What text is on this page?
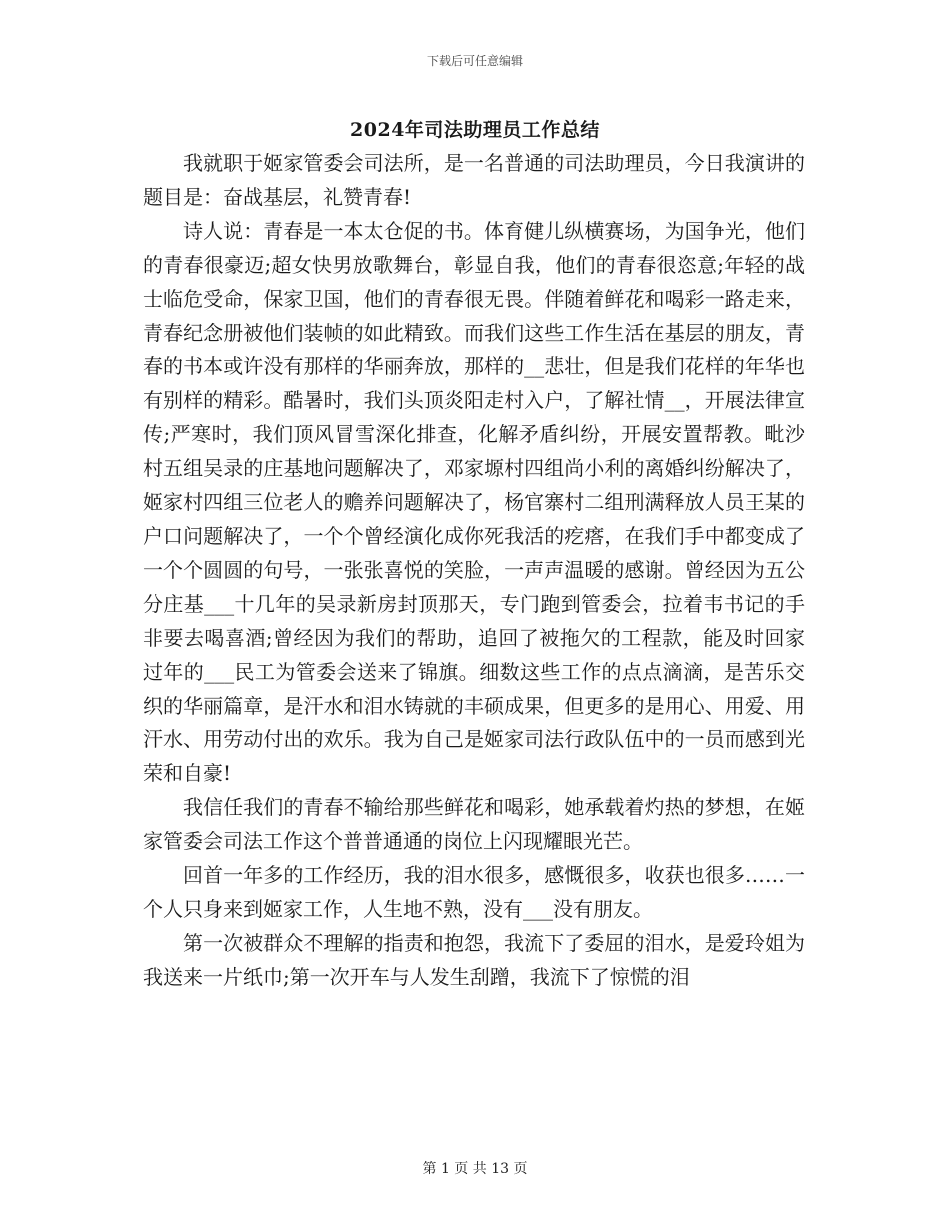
下载后可任意编辑
2024年司法助理员工作总结

我就职于姬家管委会司法所，是一名普通的司法助理员，今日我演讲的题目是：奋战基层，礼赞青春!

诗人说：青春是一本太仓促的书。体育健儿纵横赛场，为国争光，他们的青春很豪迈;超女快男放歌舞台，彰显自我，他们的青春很恣意;年轻的战士临危受命，保家卫国，他们的青春很无畏。伴随着鲜花和喝彩一路走来，青春纪念册被他们装帧的如此精致。而我们这些工作生活在基层的朋友，青春的书本或许没有那样的华丽奔放，那样的__悲壮，但是我们花样的年华也有别样的精彩。酷暑时，我们头顶炎阳走村入户，了解社情__，开展法律宣传;严寒时，我们顶风冒雪深化排查，化解矛盾纠纷，开展安置帮教。毗沙村五组吴录的庄基地问题解决了，邓家塬村四组尚小利的离婚纠纷解决了，姬家村四组三位老人的赡养问题解决了，杨官寨村二组刑满释放人员王某的户口问题解决了，一个个曾经演化成你死我活的疙瘩，在我们手中都变成了一个个圆圆的句号，一张张喜悦的笑脸，一声声温暖的感谢。曾经因为五公分庄基___十几年的吴录新房封顶那天，专门跑到管委会，拉着韦书记的手非要去喝喜酒;曾经因为我们的帮助，追回了被拖欠的工程款，能及时回家过年的___民工为管委会送来了锦旗。细数这些工作的点点滴滴，是苦乐交织的华丽篇章，是汗水和泪水铸就的丰硕成果，但更多的是用心、用爱、用汗水、用劳动付出的欢乐。我为自己是姬家司法行政队伍中的一员而感到光荣和自豪!

我信任我们的青春不输给那些鲜花和喝彩，她承载着灼热的梦想，在姬家管委会司法工作这个普普通通的岗位上闪现耀眼光芒。

回首一年多的工作经历，我的泪水很多，感慨很多，收获也很多……一个人只身来到姬家工作，人生地不熟，没有___没有朋友。

第一次被群众不理解的指责和抱怨，我流下了委屈的泪水，是爱玲姐为我送来一片纸巾;第一次开车与人发生刮蹭，我流下了惊慌的泪

第 1 页 共 13 页
